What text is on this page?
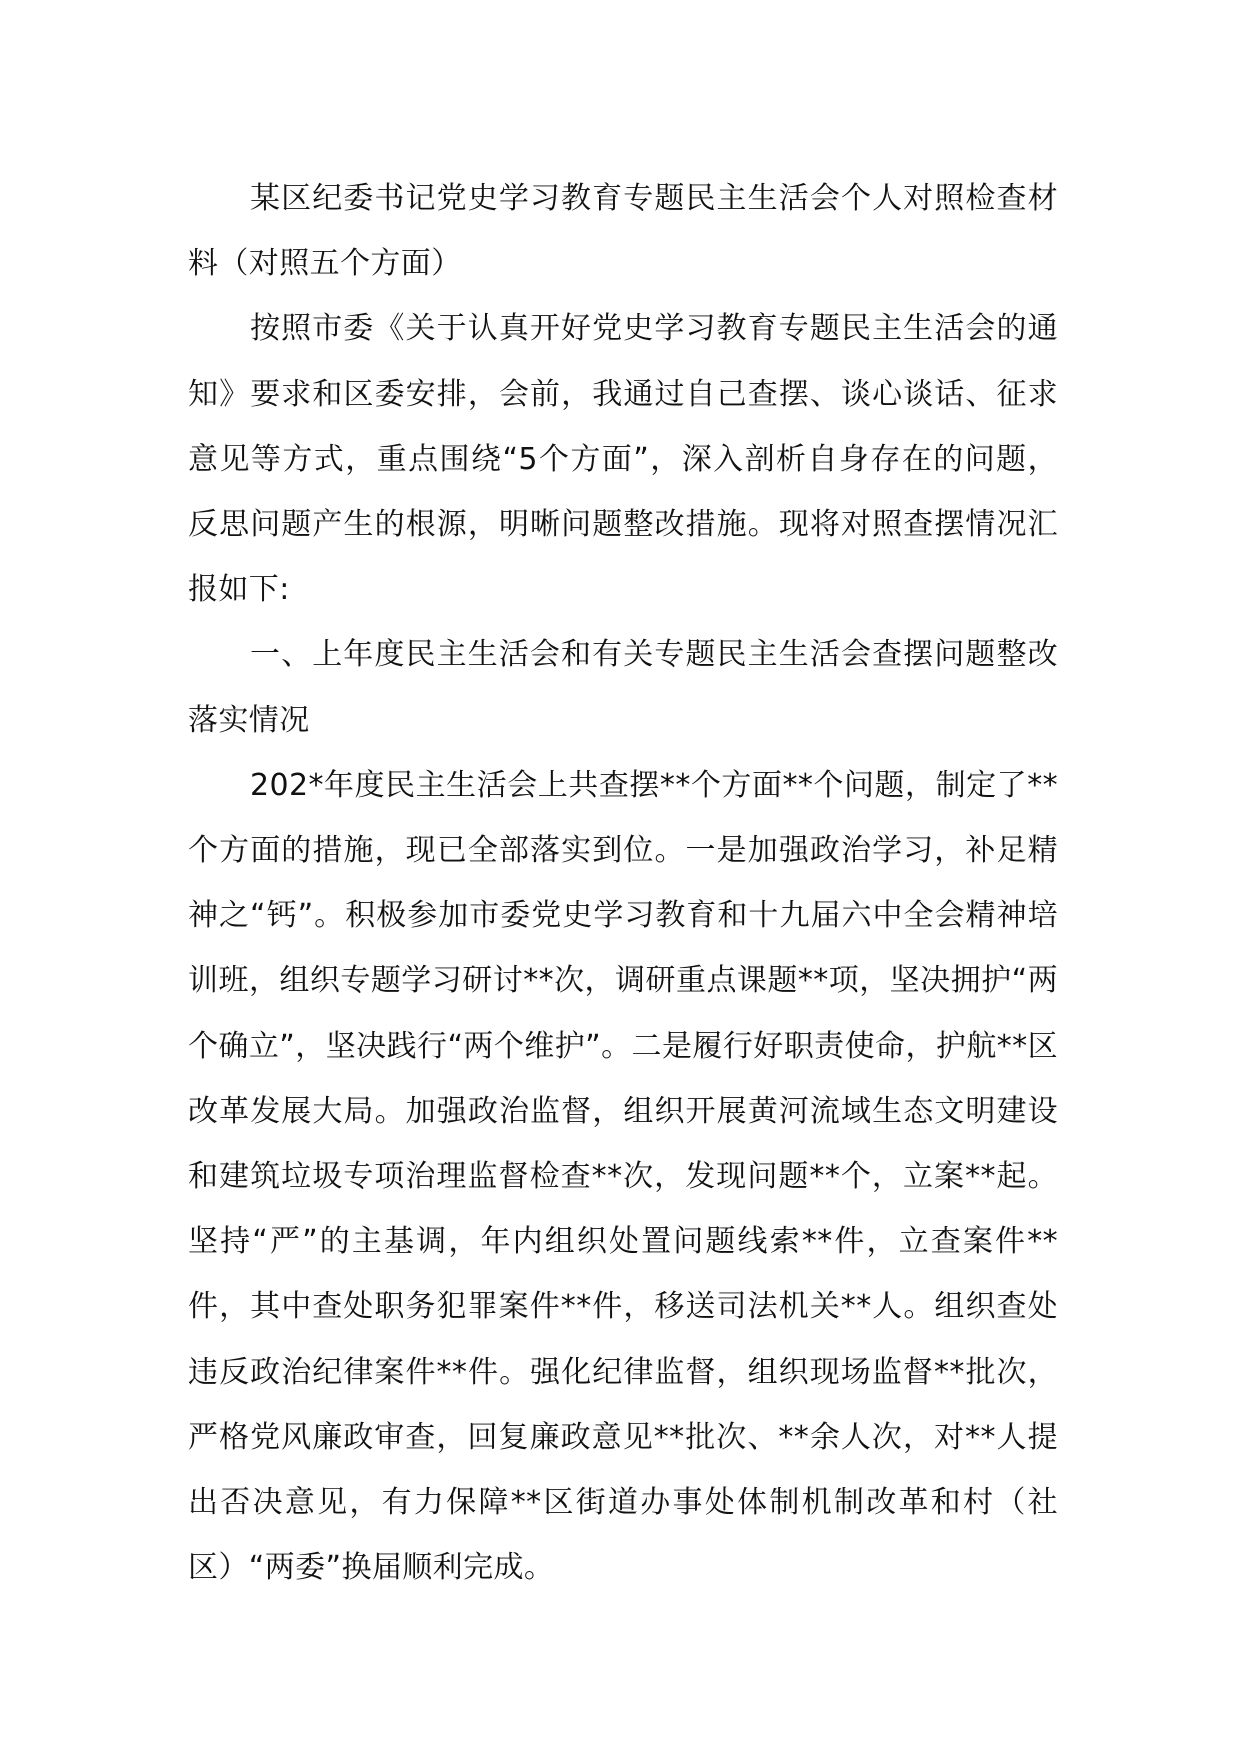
某区纪委书记党史学习教育专题民主生活会个人对照检查材料（对照五个方面）

按照市委《关于认真开好党史学习教育专题民主生活会的通知》要求和区委安排，会前，我通过自己查摆、谈心谈话、征求意见等方式，重点围绕“5个方面”，深入剖析自身存在的问题，反思问题产生的根源，明晰问题整改措施。现将对照查摆情况汇报如下:

一、上年度民主生活会和有关专题民主生活会查摆问题整改落实情况

202*年度民主生活会上共查摆**个方面**个问题，制定了**个方面的措施，现已全部落实到位。一是加强政治学习，补足精神之“钙”。积极参加市委党史学习教育和十九届六中全会精神培训班，组织专题学习研讨**次，调研重点课题**项，坚决拥护“两个确立”，坚决践行“两个维护”。二是履行好职责使命，护航**区改革发展大局。加强政治监督，组织开展黄河流域生态文明建设和建筑垃圾专项治理监督检查**次，发现问题**个，立案**起。坚持“严”的主基调，年内组织处置问题线索**件，立查案件**件，其中查处职务犯罪案件**件，移送司法机关**人。组织查处违反政治纪律案件**件。强化纪律监督，组织现场监督**批次，严格党风廉政审查，回复廉政意见**批次、**余人次，对**人提出否决意见，有力保障**区街道办事处体制机制改革和村（社区）“两委”换届顺利完成。
